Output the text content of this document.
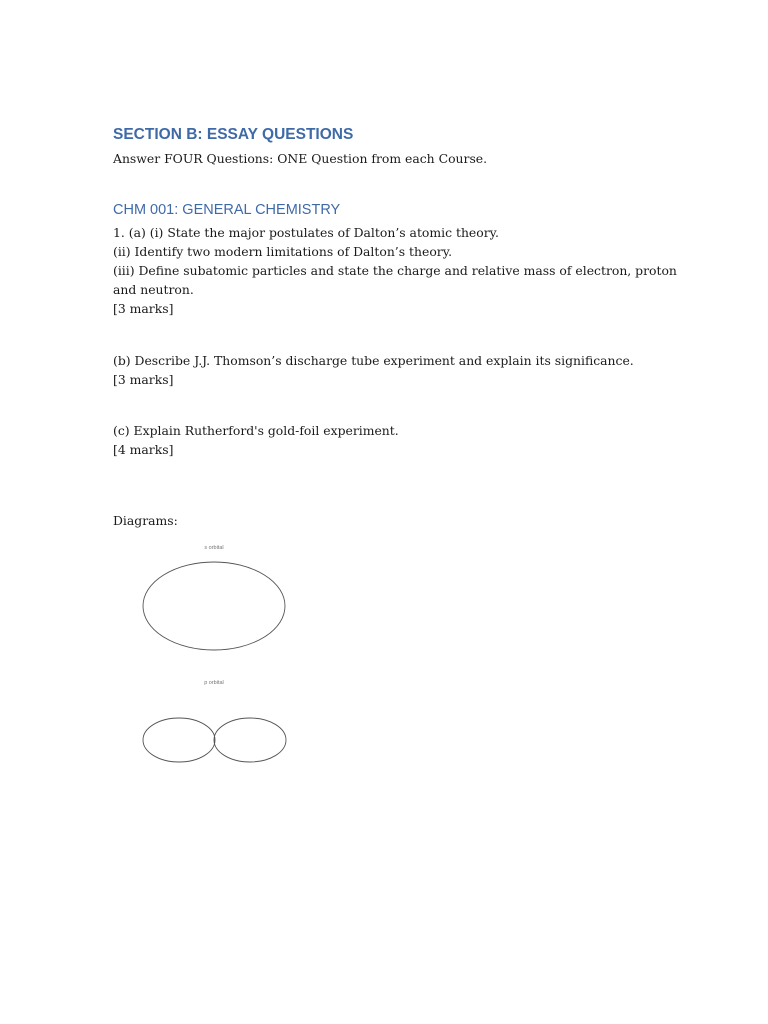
SECTION B: ESSAY QUESTIONS

Answer FOUR Questions: ONE Question from each Course.

CHM 001: GENERAL CHEMISTRY

1. (a) (i) State the major postulates of Dalton’s atomic theory.

(ii) Identify two modern limitations of Dalton’s theory.

(iii) Define subatomic particles and state the charge and relative mass of electron, proton

and neutron.

[3 marks]

(b) Describe J.J. Thomson’s discharge tube experiment and explain its significance.

[3 marks]

(c) Explain Rutherford's gold-foil experiment.

[4 marks]

Diagrams:

s orbital
p orbital
